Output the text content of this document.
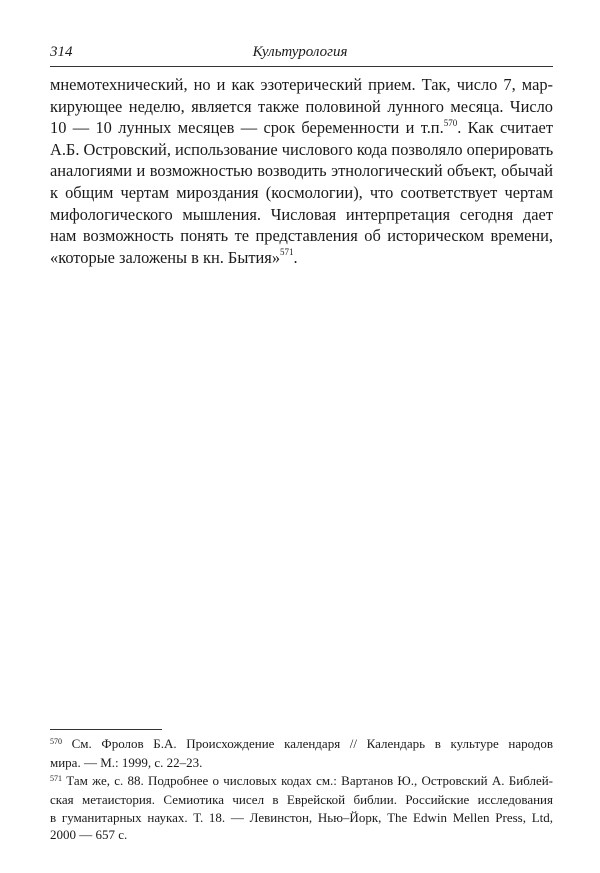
314	Культурология
мнемотехнический, но и как эзотерический прием. Так, число 7, мар-
кирующее неделю, является также половиной лунного месяца. Число
10 — 10 лунных месяцев — срок беременности и т.п.$^{570}$. Как считает
А.Б. Островский, использование числового кода позволяло оперировать
аналогиями и возможностью возводить этнологический объект, обычай
к общим чертам мироздания (космологии), что соответствует чертам
мифологического мышления. Числовая интерпретация сегодня дает
нам возможность понять те представления об историческом времени,
«которые заложены в кн. Бытия»$^{571}$.
$^{570}$ См. Фролов Б.А. Происхождение календаря // Календарь в культуре народов
мира. — М.: 1999, с. 22–23.
$^{571}$ Там же, с. 88. Подробнее о числовых кодах см.: Вартанов Ю., Островский А. Библей-
ская метаистория. Семиотика чисел в Еврейской библии. Российские исследования
в гуманитарных науках. Т. 18. — Левинстон, Нью–Йорк, The Edwin Mellen Press, Ltd,
2000 — 657 с.
